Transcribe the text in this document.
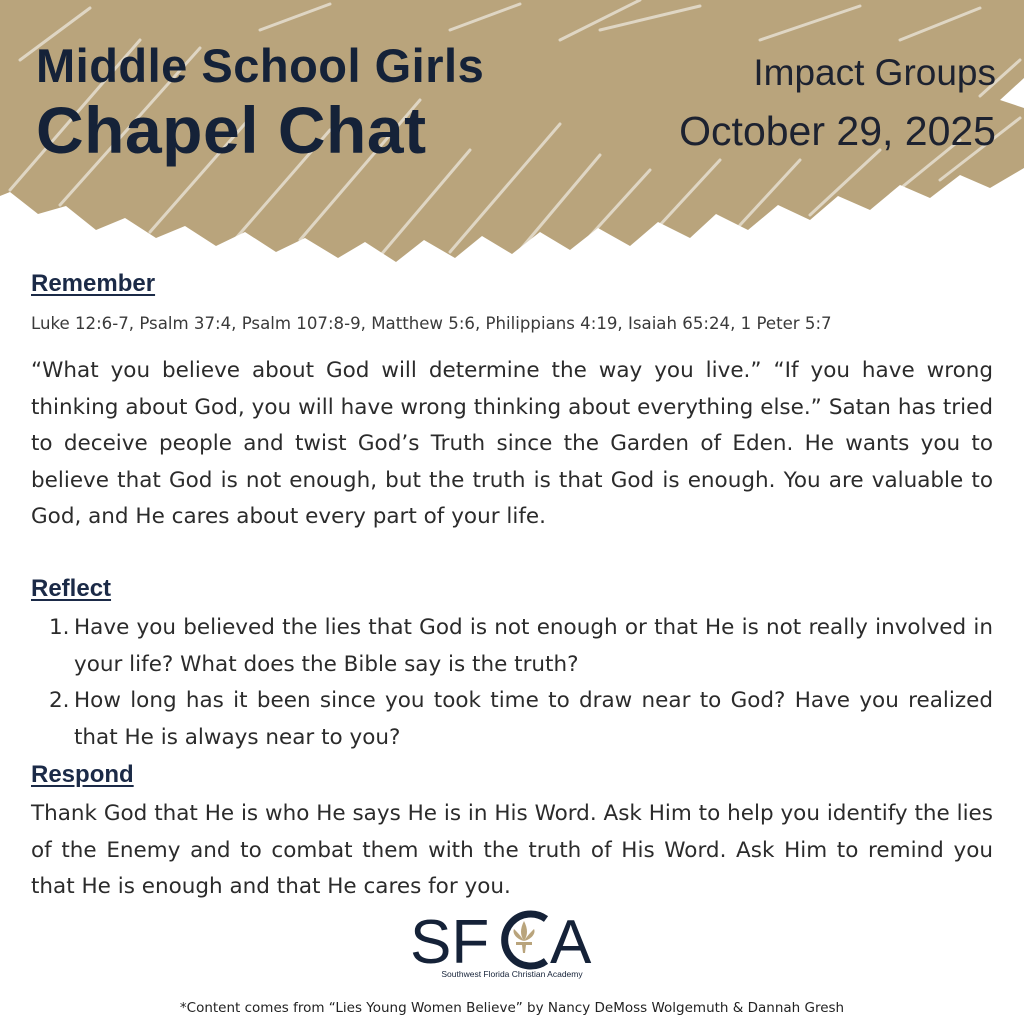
Middle School Girls
Chapel Chat

Impact Groups

October 29, 2025

Remember

Luke 12:6-7, Psalm 37:4, Psalm 107:8-9, Matthew 5:6, Philippians 4:19, Isaiah 65:24, 1 Peter 5:7

“What you believe about God will determine the way you live.” “If you have wrong thinking about God, you will have wrong thinking about everything else.” Satan has tried to deceive people and twist God’s Truth since the Garden of Eden. He wants you to believe that God is not enough, but the truth is that God is enough. You are valuable to God, and He cares about every part of your life.

Reflect
1. Have you believed the lies that God is not enough or that He is not really involved in your life? What does the Bible say is the truth?
2. How long has it been since you took time to draw near to God? Have you realized that He is always near to you?
Respond

Thank God that He is who He says He is in His Word. Ask Him to help you identify the lies of the Enemy and to combat them with the truth of His Word. Ask Him to remind you that He is enough and that He cares for you.

SF A
Southwest Florida Christian Academy

*Content comes from “Lies Young Women Believe” by Nancy DeMoss Wolgemuth & Dannah Gresh
